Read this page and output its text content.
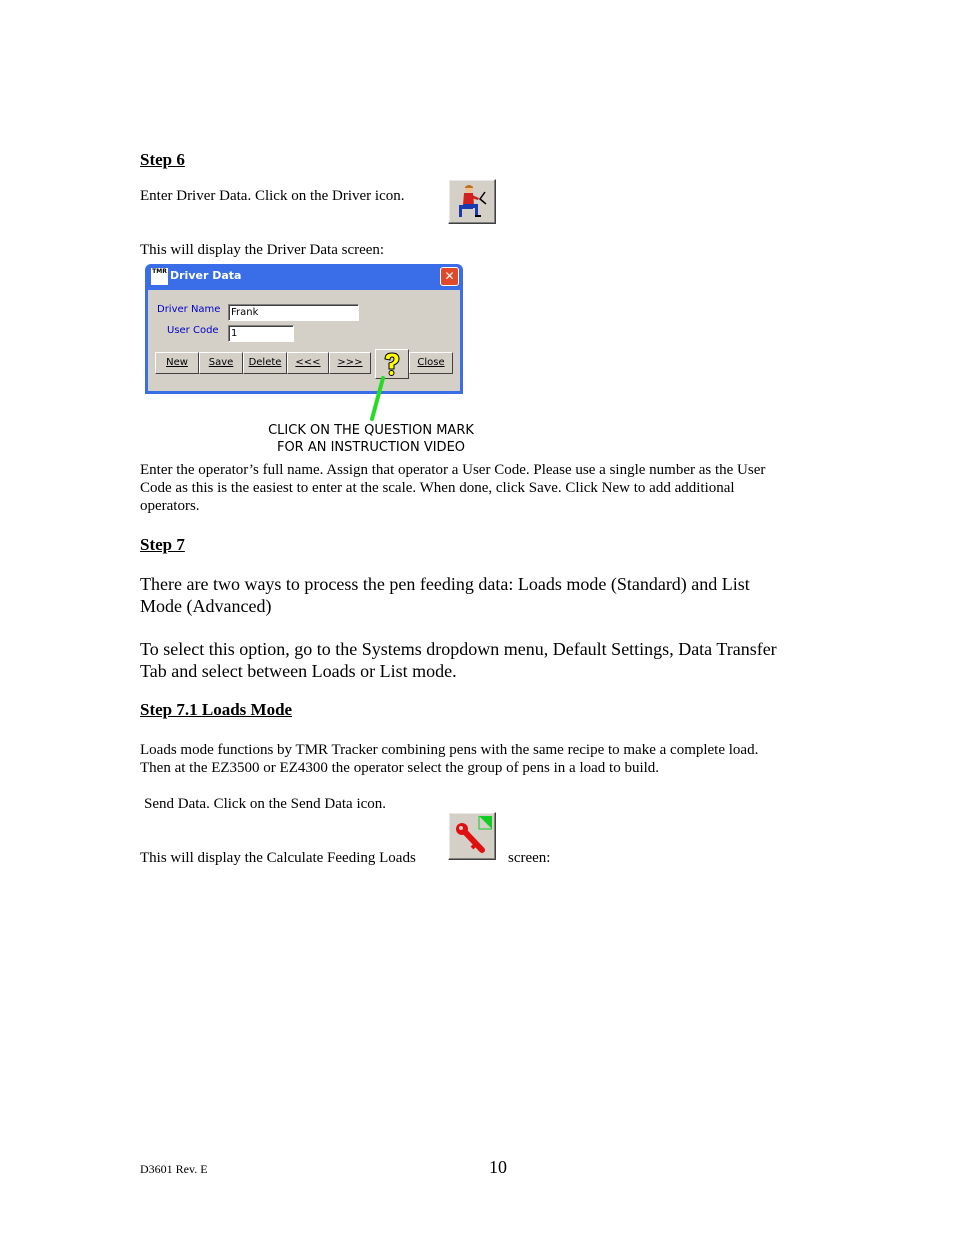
Step 6
Enter Driver Data. Click on the Driver icon.
This will display the Driver Data screen:
TMR Driver Data	✕
Driver Name	Frank
User Code	1
New	Save	Delete	<<<	>>>	Close
CLICK ON THE QUESTION MARK
FOR AN INSTRUCTION VIDEO
Enter the operator’s full name. Assign that operator a User Code. Please use a single number as the User
Code as this is the easiest to enter at the scale. When done, click Save. Click New to add additional
operators.
Step 7
There are two ways to process the pen feeding data: Loads mode (Standard) and List
Mode (Advanced)
To select this option, go to the Systems dropdown menu, Default Settings, Data Transfer
Tab and select between Loads or List mode.
Step 7.1 Loads Mode
Loads mode functions by TMR Tracker combining pens with the same recipe to make a complete load.
Then at the EZ3500 or EZ4300 the operator select the group of pens in a load to build.
Send Data. Click on the Send Data icon.
This will display the Calculate Feeding Loads	screen:
D3601 Rev. E	10
